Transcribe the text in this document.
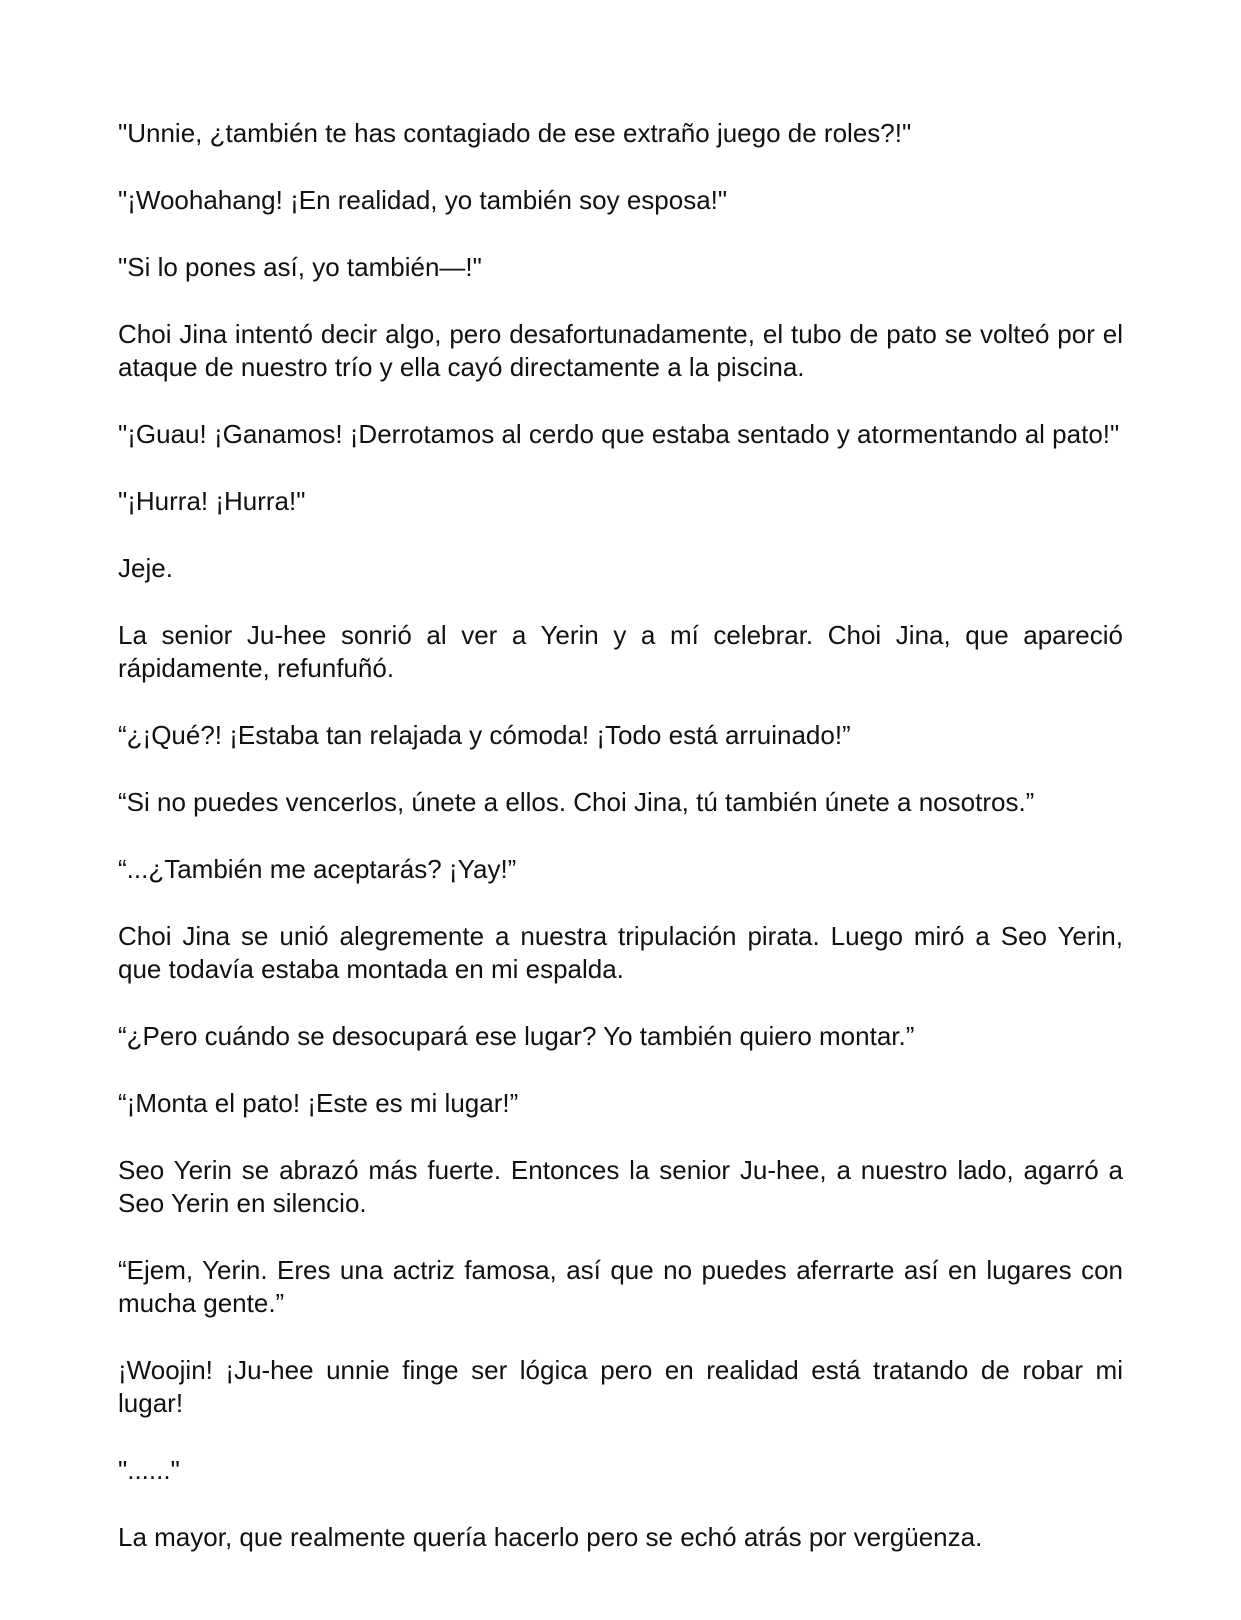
"Unnie, ¿también te has contagiado de ese extraño juego de roles?!"

"¡Woohahang! ¡En realidad, yo también soy esposa!"

"Si lo pones así, yo también—!"

Choi Jina intentó decir algo, pero desafortunadamente, el tubo de pato se volteó por el ataque de nuestro trío y ella cayó directamente a la piscina.

"¡Guau! ¡Ganamos! ¡Derrotamos al cerdo que estaba sentado y atormentando al pato!"

"¡Hurra! ¡Hurra!"

Jeje.

La senior Ju-hee sonrió al ver a Yerin y a mí celebrar. Choi Jina, que apareció rápidamente, refunfuñó.

“¿¡Qué?! ¡Estaba tan relajada y cómoda! ¡Todo está arruinado!”

“Si no puedes vencerlos, únete a ellos. Choi Jina, tú también únete a nosotros.”

“...¿También me aceptarás? ¡Yay!”

Choi Jina se unió alegremente a nuestra tripulación pirata. Luego miró a Seo Yerin, que todavía estaba montada en mi espalda.

“¿Pero cuándo se desocupará ese lugar? Yo también quiero montar.”

“¡Monta el pato! ¡Este es mi lugar!”

Seo Yerin se abrazó más fuerte. Entonces la senior Ju-hee, a nuestro lado, agarró a Seo Yerin en silencio.

“Ejem, Yerin. Eres una actriz famosa, así que no puedes aferrarte así en lugares con mucha gente.”

¡Woojin! ¡Ju-hee unnie finge ser lógica pero en realidad está tratando de robar mi lugar!

"......"

La mayor, que realmente quería hacerlo pero se echó atrás por vergüenza.
